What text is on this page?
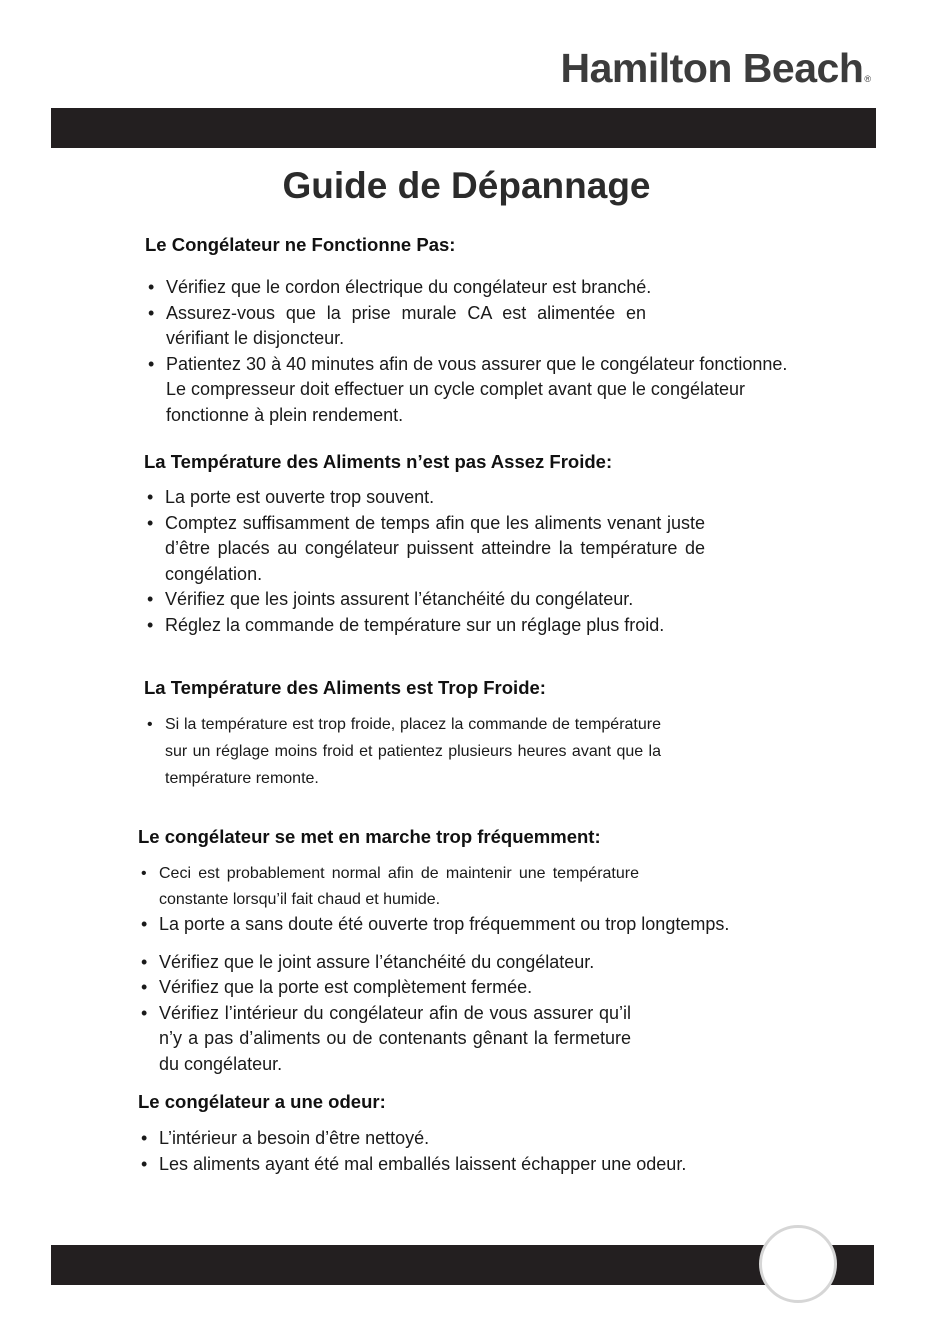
Hamilton Beach ®
Guide de Dépannage
Le Congélateur ne Fonctionne Pas:
• Vérifiez que le cordon électrique du congélateur est branché.
• Assurez-vous que la prise murale CA est alimentée en vérifiant le disjoncteur.
• Patientez 30 à 40 minutes afin de vous assurer que le congélateur fonctionne. Le compresseur doit effectuer un cycle complet avant que le congélateur fonctionne à plein rendement.
La Température des Aliments n’est pas Assez Froide:
• La porte est ouverte trop souvent.
• Comptez suffisamment de temps afin que les aliments venant juste d’être placés au congélateur puissent atteindre la température de congélation.
• Vérifiez que les joints assurent l’étanchéité du congélateur.
• Réglez la commande de température sur un réglage plus froid.
La Température des Aliments est Trop Froide:
• Si la température est trop froide, placez la commande de température sur un réglage moins froid et patientez plusieurs heures avant que la température remonte.
Le congélateur se met en marche trop fréquemment:
• Ceci est probablement normal afin de maintenir une température constante lorsqu’il fait chaud et humide.
• La porte a sans doute été ouverte trop fréquemment ou trop longtemps.
• Vérifiez que le joint assure l’étanchéité du congélateur.
• Vérifiez que la porte est complètement fermée.
• Vérifiez l’intérieur du congélateur afin de vous assurer qu’il n’y a pas d’aliments ou de contenants gênant la fermeture du congélateur.
Le congélateur a une odeur:
• L’intérieur a besoin d’être nettoyé.
• Les aliments ayant été mal emballés laissent échapper une odeur.
